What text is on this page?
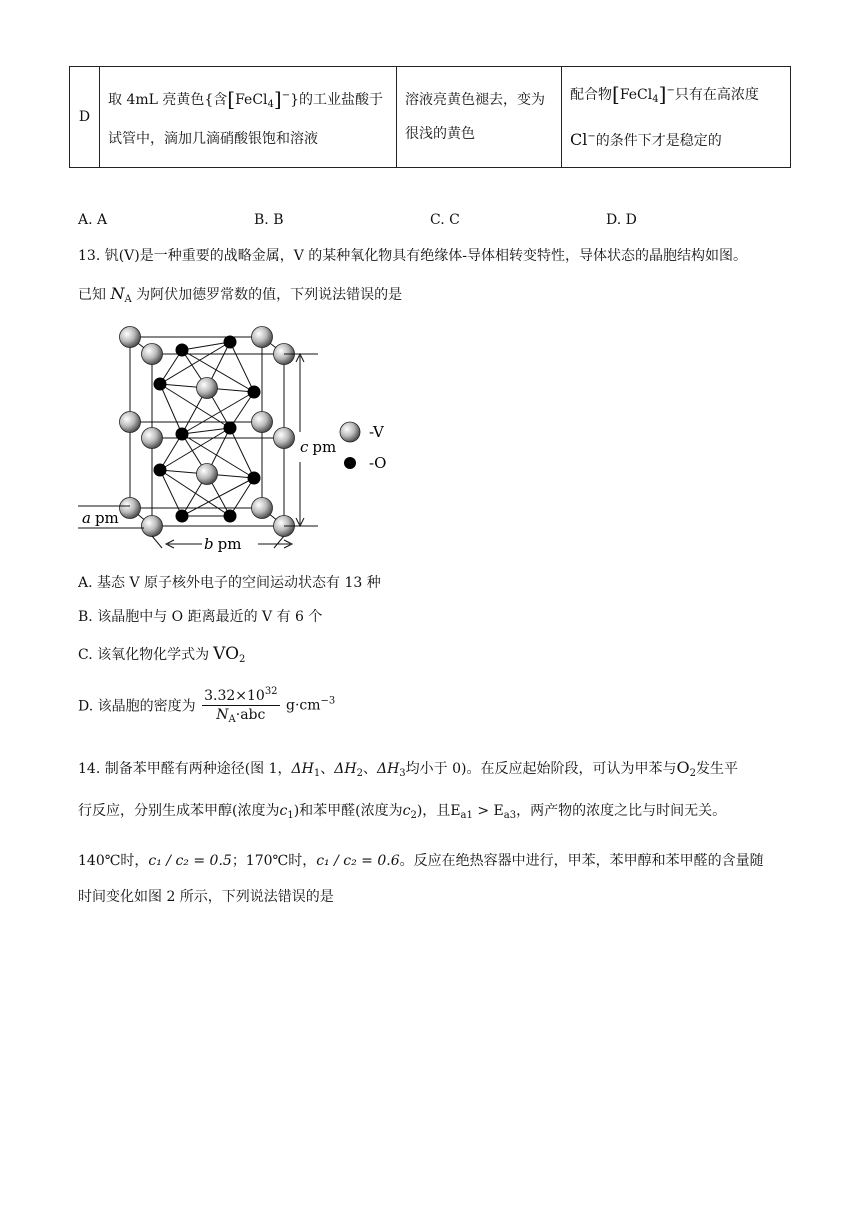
D	
取 4mL 亮黄色{含[FeCl$_4$]−}的工业盐酸于
试管中，滴加几滴硝酸银饱和溶液

溶液亮黄色褪去，变为
很浅的黄色

配合物[FeCl$_4$]−只有在高浓度
Cl−的条件下才是稳定的
A. A	B. B	C. C	D. D
13. 钒(V)是一种重要的战略金属，V 的某种氧化物具有绝缘体-导体相转变特性，导体状态的晶胞结构如图。
已知 $N_A$ 为阿伏加德罗常数的值，下列说法错误的是
c pm
a pm
b pm
-V
-O
A. 基态 V 原子核外电子的空间运动状态有 13 种
B. 该晶胞中与 O 距离最近的 V 有 6 个
C. 该氧化物化学式为 $VO_2$
D. 该晶胞的密度为 $\frac{3.32\times 10^{32}}{N_A\cdot abc} g\cdot cm^{-3}$
14. 制备苯甲醛有两种途径(图 1，$\Delta H_1$、$\Delta H_2$、$\Delta H_3$均小于 0)。在反应起始阶段，可认为甲苯与$O_2$发生平
行反应，分别生成苯甲醇(浓度为$c_1$)和苯甲醛(浓度为$c_2$)，且$E_{a1} > E_{a3}$，两产物的浓度之比与时间无关。
140℃时，c₁ / c₂ = 0.5；170℃时，c₁ / c₂ = 0.6。反应在绝热容器中进行，甲苯，苯甲醇和苯甲醛的含量随
时间变化如图 2 所示，下列说法错误的是
